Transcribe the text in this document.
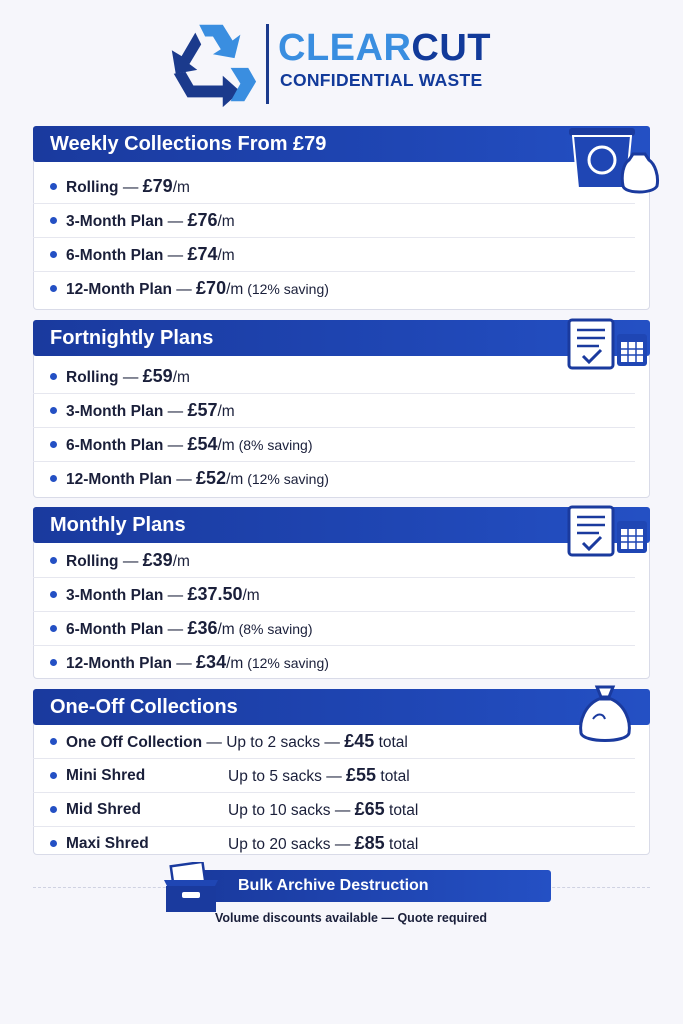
CLEARCUT
CONFIDENTIAL WASTE
Weekly Collections From £79
Rolling — £79/m
3-Month Plan — £76/m
6-Month Plan — £74/m
12-Month Plan — £70/m (12% saving)
Fortnightly Plans
Rolling — £59/m
3-Month Plan — £57/m
6-Month Plan — £54/m (8% saving)
12-Month Plan — £52/m (12% saving)
Monthly Plans
Rolling — £39/m
3-Month Plan — £37.50/m
6-Month Plan — £36/m (8% saving)
12-Month Plan — £34/m (12% saving)
One-Off Collections
One Off Collection — Up to 2 sacks — £45 total
Mini Shred	Up to 5 sacks — £55 total
Mid Shred	Up to 10 sacks — £65 total
Maxi Shred	Up to 20 sacks — £85 total
Bulk Archive Destruction
Volume discounts available — Quote required
